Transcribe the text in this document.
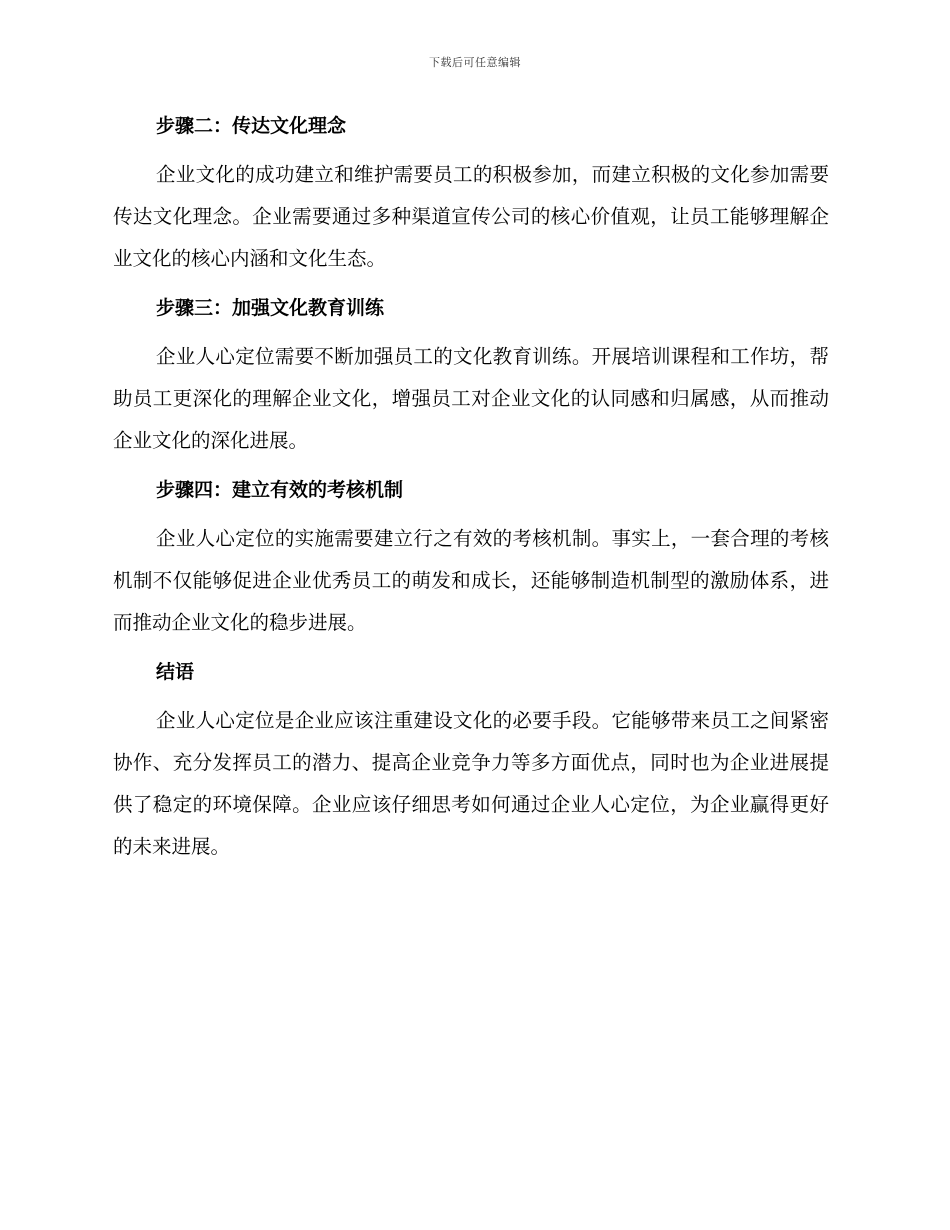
下载后可任意编辑
步骤二：传达文化理念

企业文化的成功建立和维护需要员工的积极参加，而建立积极的文化参加需要传达文化理念。企业需要通过多种渠道宣传公司的核心价值观，让员工能够理解企业文化的核心内涵和文化生态。

步骤三：加强文化教育训练

企业人心定位需要不断加强员工的文化教育训练。开展培训课程和工作坊，帮助员工更深化的理解企业文化，增强员工对企业文化的认同感和归属感，从而推动企业文化的深化进展。

步骤四：建立有效的考核机制

企业人心定位的实施需要建立行之有效的考核机制。事实上，一套合理的考核机制不仅能够促进企业优秀员工的萌发和成长，还能够制造机制型的激励体系，进而推动企业文化的稳步进展。

结语

企业人心定位是企业应该注重建设文化的必要手段。它能够带来员工之间紧密协作、充分发挥员工的潜力、提高企业竞争力等多方面优点，同时也为企业进展提供了稳定的环境保障。企业应该仔细思考如何通过企业人心定位，为企业赢得更好的未来进展。
